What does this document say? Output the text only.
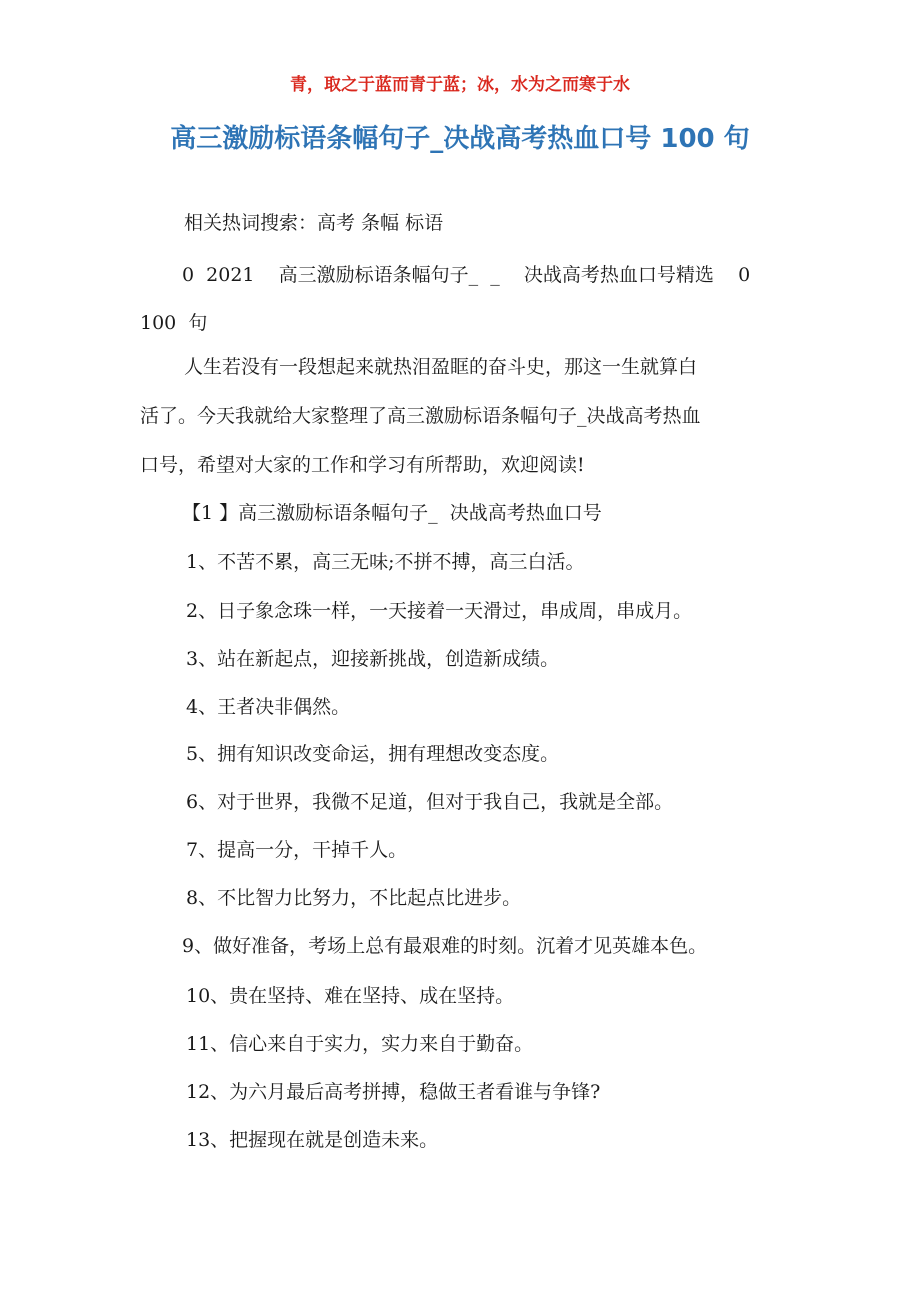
青，取之于蓝而青于蓝；冰，水为之而寒于水
高三激励标语条幅句子_决战高考热血口号 100 句
相关热词搜索：高考 条幅 标语
0  2021    高三激励标语条幅句子_  _    决战高考热血口号精选    0
100  句
人生若没有一段想起来就热泪盈眶的奋斗史，那这一生就算白
活了。今天我就给大家整理了高三激励标语条幅句子_决战高考热血
口号，希望对大家的工作和学习有所帮助，欢迎阅读!
【1 】高三激励标语条幅句子_  决战高考热血口号
1、不苦不累，高三无味;不拼不搏，高三白活。
2、日子象念珠一样，一天接着一天滑过，串成周，串成月。
3、站在新起点，迎接新挑战，创造新成绩。
4、王者决非偶然。
5、拥有知识改变命运，拥有理想改变态度。
6、对于世界，我微不足道，但对于我自己，我就是全部。
7、提高一分，干掉千人。
8、不比智力比努力，不比起点比进步。
9、做好准备，考场上总有最艰难的时刻。沉着才见英雄本色。
10、贵在坚持、难在坚持、成在坚持。
11、信心来自于实力，实力来自于勤奋。
12、为六月最后高考拼搏，稳做王者看谁与争锋?
13、把握现在就是创造未来。
